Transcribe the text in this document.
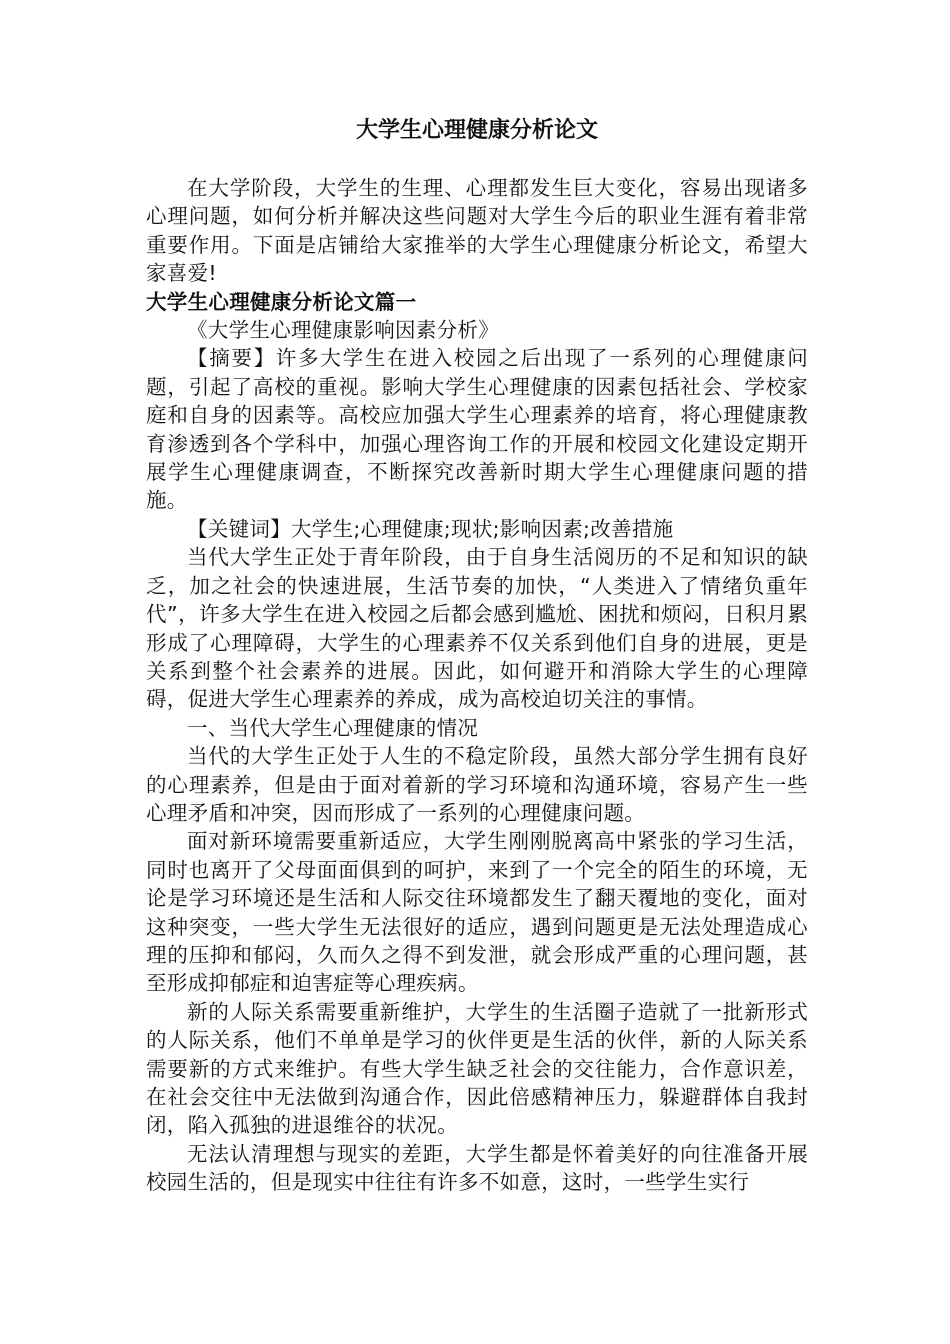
大学生心理健康分析论文

在大学阶段，大学生的生理、心理都发生巨大变化，容易出现诸多心理问题，如何分析并解决这些问题对大学生今后的职业生涯有着非常重要作用。下面是店铺给大家推举的大学生心理健康分析论文，希望大家喜爱!

大学生心理健康分析论文篇一

《大学生心理健康影响因素分析》

【摘要】许多大学生在进入校园之后出现了一系列的心理健康问题，引起了高校的重视。影响大学生心理健康的因素包括社会、学校家庭和自身的因素等。高校应加强大学生心理素养的培育，将心理健康教育渗透到各个学科中，加强心理咨询工作的开展和校园文化建设定期开展学生心理健康调查，不断探究改善新时期大学生心理健康问题的措施。

【关键词】大学生;心理健康;现状;影响因素;改善措施

当代大学生正处于青年阶段，由于自身生活阅历的不足和知识的缺乏，加之社会的快速进展，生活节奏的加快，“人类进入了情绪负重年代”，许多大学生在进入校园之后都会感到尴尬、困扰和烦闷，日积月累形成了心理障碍，大学生的心理素养不仅关系到他们自身的进展，更是关系到整个社会素养的进展。因此，如何避开和消除大学生的心理障碍，促进大学生心理素养的养成，成为高校迫切关注的事情。

一、当代大学生心理健康的情况

当代的大学生正处于人生的不稳定阶段，虽然大部分学生拥有良好的心理素养，但是由于面对着新的学习环境和沟通环境，容易产生一些心理矛盾和冲突，因而形成了一系列的心理健康问题。

面对新环境需要重新适应，大学生刚刚脱离高中紧张的学习生活，同时也离开了父母面面俱到的呵护，来到了一个完全的陌生的环境，无论是学习环境还是生活和人际交往环境都发生了翻天覆地的变化，面对这种突变，一些大学生无法很好的适应，遇到问题更是无法处理造成心理的压抑和郁闷，久而久之得不到发泄，就会形成严重的心理问题，甚至形成抑郁症和迫害症等心理疾病。

新的人际关系需要重新维护，大学生的生活圈子造就了一批新形式的人际关系，他们不单单是学习的伙伴更是生活的伙伴，新的人际关系需要新的方式来维护。有些大学生缺乏社会的交往能力，合作意识差，在社会交往中无法做到沟通合作，因此倍感精神压力，躲避群体自我封闭，陷入孤独的进退维谷的状况。

无法认清理想与现实的差距，大学生都是怀着美好的向往准备开展校园生活的，但是现实中往往有许多不如意，这时，一些学生实行
